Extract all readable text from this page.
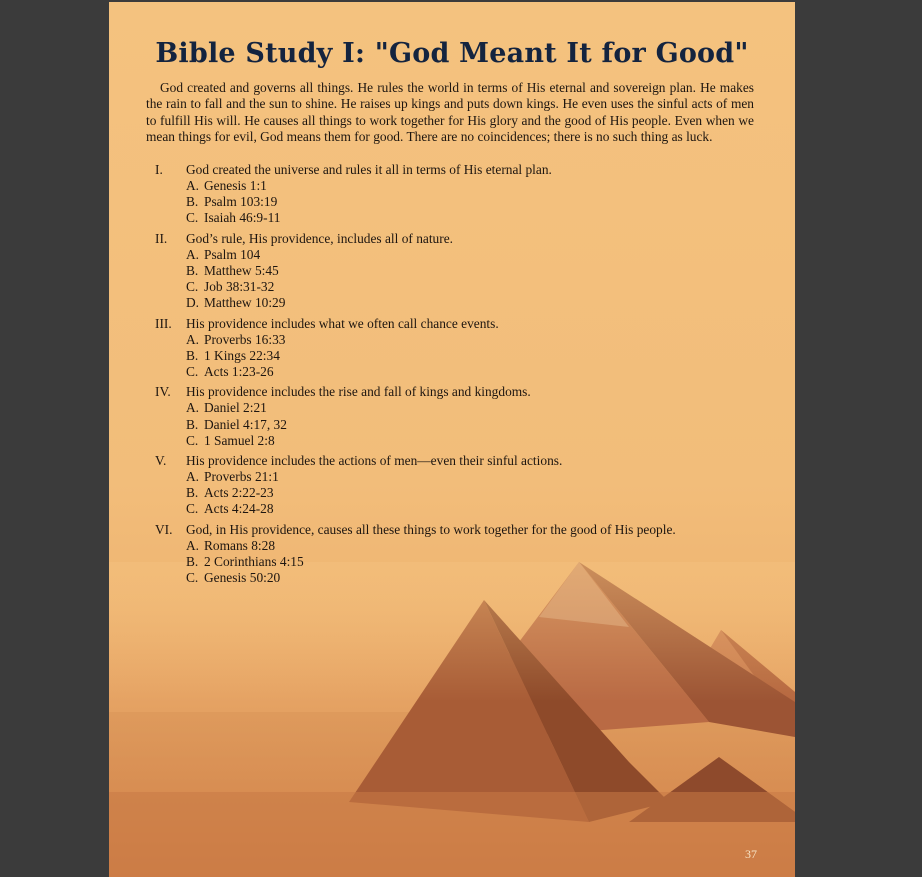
Bible Study I: "God Meant It for Good"

God created and governs all things. He rules the world in terms of His eternal and sovereign plan. He makes the rain to fall and the sun to shine. He raises up kings and puts down kings. He even uses the sinful acts of men to fulfill His will. He causes all things to work together for His glory and the good of His people. Even when we mean things for evil, God means them for good. There are no coincidences; there is no such thing as luck.

I.	God created the universe and rules it all in terms of His eternal plan.
A. Genesis 1:1
B. Psalm 103:19
C. Isaiah 46:9-11
II.	God’s rule, His providence, includes all of nature.
A. Psalm 104
B. Matthew 5:45
C. Job 38:31-32
D. Matthew 10:29
III.	His providence includes what we often call chance events.
A. Proverbs 16:33
B. 1 Kings 22:34
C. Acts 1:23-26
IV.	His providence includes the rise and fall of kings and kingdoms.
A. Daniel 2:21
B. Daniel 4:17, 32
C. 1 Samuel 2:8
V.	His providence includes the actions of men—even their sinful actions.
A. Proverbs 21:1
B. Acts 2:22-23
C. Acts 4:24-28
VI.	God, in His providence, causes all these things to work together for the good of His people.
A. Romans 8:28
B. 2 Corinthians 4:15
C. Genesis 50:20
37
